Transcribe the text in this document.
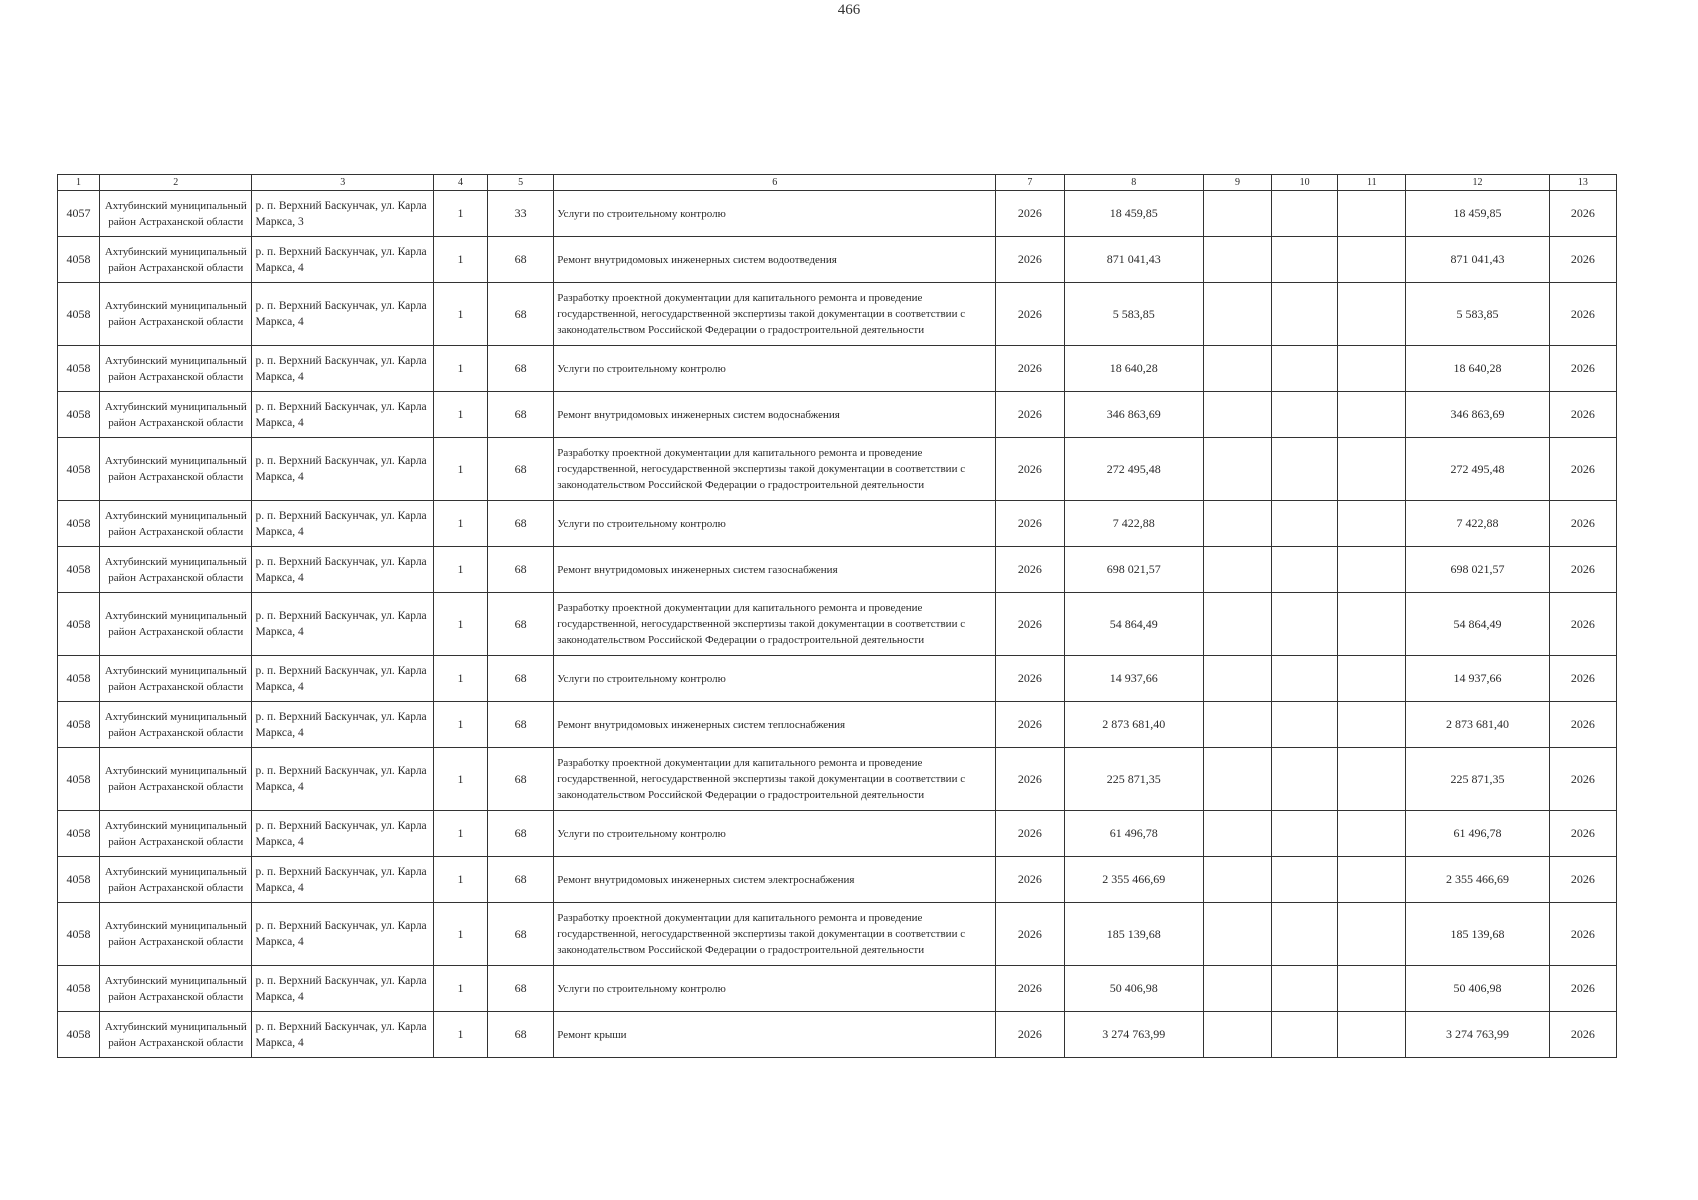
466
1	2	3	4	5	6	7	8	9	10	11	12	13
4057	Ахтубинский муниципальный район Астраханской области	р. п. Верхний Баскунчак, ул. Карла Маркса, 3	1	33	Услуги по строительному контролю	2026	18 459,85				18 459,85	2026
4058	Ахтубинский муниципальный район Астраханской области	р. п. Верхний Баскунчак, ул. Карла Маркса, 4	1	68	Ремонт внутридомовых инженерных систем водоотведения	2026	871 041,43				871 041,43	2026
4058	Ахтубинский муниципальный район Астраханской области	р. п. Верхний Баскунчак, ул. Карла Маркса, 4	1	68	Разработку проектной документации для капитального ремонта и проведение государственной, негосударственной экспертизы такой документации в соответствии с законодательством Российской Федерации о градостроительной деятельности	2026	5 583,85				5 583,85	2026
4058	Ахтубинский муниципальный район Астраханской области	р. п. Верхний Баскунчак, ул. Карла Маркса, 4	1	68	Услуги по строительному контролю	2026	18 640,28				18 640,28	2026
4058	Ахтубинский муниципальный район Астраханской области	р. п. Верхний Баскунчак, ул. Карла Маркса, 4	1	68	Ремонт внутридомовых инженерных систем водоснабжения	2026	346 863,69				346 863,69	2026
4058	Ахтубинский муниципальный район Астраханской области	р. п. Верхний Баскунчак, ул. Карла Маркса, 4	1	68	Разработку проектной документации для капитального ремонта и проведение государственной, негосударственной экспертизы такой документации в соответствии с законодательством Российской Федерации о градостроительной деятельности	2026	272 495,48				272 495,48	2026
4058	Ахтубинский муниципальный район Астраханской области	р. п. Верхний Баскунчак, ул. Карла Маркса, 4	1	68	Услуги по строительному контролю	2026	7 422,88				7 422,88	2026
4058	Ахтубинский муниципальный район Астраханской области	р. п. Верхний Баскунчак, ул. Карла Маркса, 4	1	68	Ремонт внутридомовых инженерных систем газоснабжения	2026	698 021,57				698 021,57	2026
4058	Ахтубинский муниципальный район Астраханской области	р. п. Верхний Баскунчак, ул. Карла Маркса, 4	1	68	Разработку проектной документации для капитального ремонта и проведение государственной, негосударственной экспертизы такой документации в соответствии с законодательством Российской Федерации о градостроительной деятельности	2026	54 864,49				54 864,49	2026
4058	Ахтубинский муниципальный район Астраханской области	р. п. Верхний Баскунчак, ул. Карла Маркса, 4	1	68	Услуги по строительному контролю	2026	14 937,66				14 937,66	2026
4058	Ахтубинский муниципальный район Астраханской области	р. п. Верхний Баскунчак, ул. Карла Маркса, 4	1	68	Ремонт внутридомовых инженерных систем теплоснабжения	2026	2 873 681,40				2 873 681,40	2026
4058	Ахтубинский муниципальный район Астраханской области	р. п. Верхний Баскунчак, ул. Карла Маркса, 4	1	68	Разработку проектной документации для капитального ремонта и проведение государственной, негосударственной экспертизы такой документации в соответствии с законодательством Российской Федерации о градостроительной деятельности	2026	225 871,35				225 871,35	2026
4058	Ахтубинский муниципальный район Астраханской области	р. п. Верхний Баскунчак, ул. Карла Маркса, 4	1	68	Услуги по строительному контролю	2026	61 496,78				61 496,78	2026
4058	Ахтубинский муниципальный район Астраханской области	р. п. Верхний Баскунчак, ул. Карла Маркса, 4	1	68	Ремонт внутридомовых инженерных систем электроснабжения	2026	2 355 466,69				2 355 466,69	2026
4058	Ахтубинский муниципальный район Астраханской области	р. п. Верхний Баскунчак, ул. Карла Маркса, 4	1	68	Разработку проектной документации для капитального ремонта и проведение государственной, негосударственной экспертизы такой документации в соответствии с законодательством Российской Федерации о градостроительной деятельности	2026	185 139,68				185 139,68	2026
4058	Ахтубинский муниципальный район Астраханской области	р. п. Верхний Баскунчак, ул. Карла Маркса, 4	1	68	Услуги по строительному контролю	2026	50 406,98				50 406,98	2026
4058	Ахтубинский муниципальный район Астраханской области	р. п. Верхний Баскунчак, ул. Карла Маркса, 4	1	68	Ремонт крыши	2026	3 274 763,99				3 274 763,99	2026
